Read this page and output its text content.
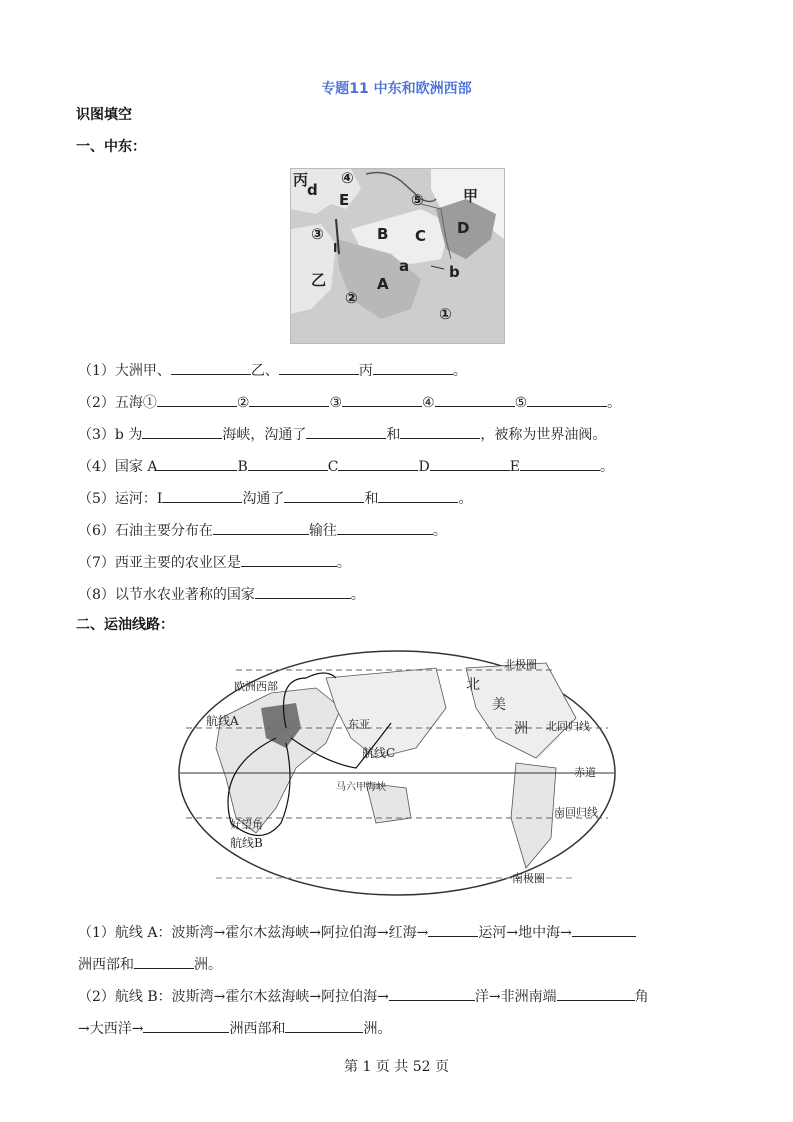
专题11 中东和欧洲西部
识图填空
一、中东：
丙
d
④
E	⑤	甲
③
I
B C D
a	b
乙
②
A
①
（1）大洲甲、	乙、	丙	。
（2）五海①	②	③	④	⑤	。
（3）b 为	海峡，沟通了	和	，被称为世界油阀。
（4）国家 A	B	C	D	E	。
（5）运河：I	沟通了	和	。
（6）石油主要分布在	输往	。
（7）西亚主要的农业区是	。
（8）以节水农业著称的国家	。
二、运油线路：
欧洲西部
航线A
航线B
航线C
东亚
北
美
洲 北回归线
赤道
南回归线
北极圈
南极圈
马六甲海峡
好望角
（1）航线 A：波斯湾→霍尔木兹海峡→阿拉伯海→红海→	运河→地中海→
洲西部和	洲。
（2）航线 B：波斯湾→霍尔木兹海峡→阿拉伯海→	洋→非洲南端	角
→大西洋→	洲西部和	洲。
第 1 页 共 52 页
